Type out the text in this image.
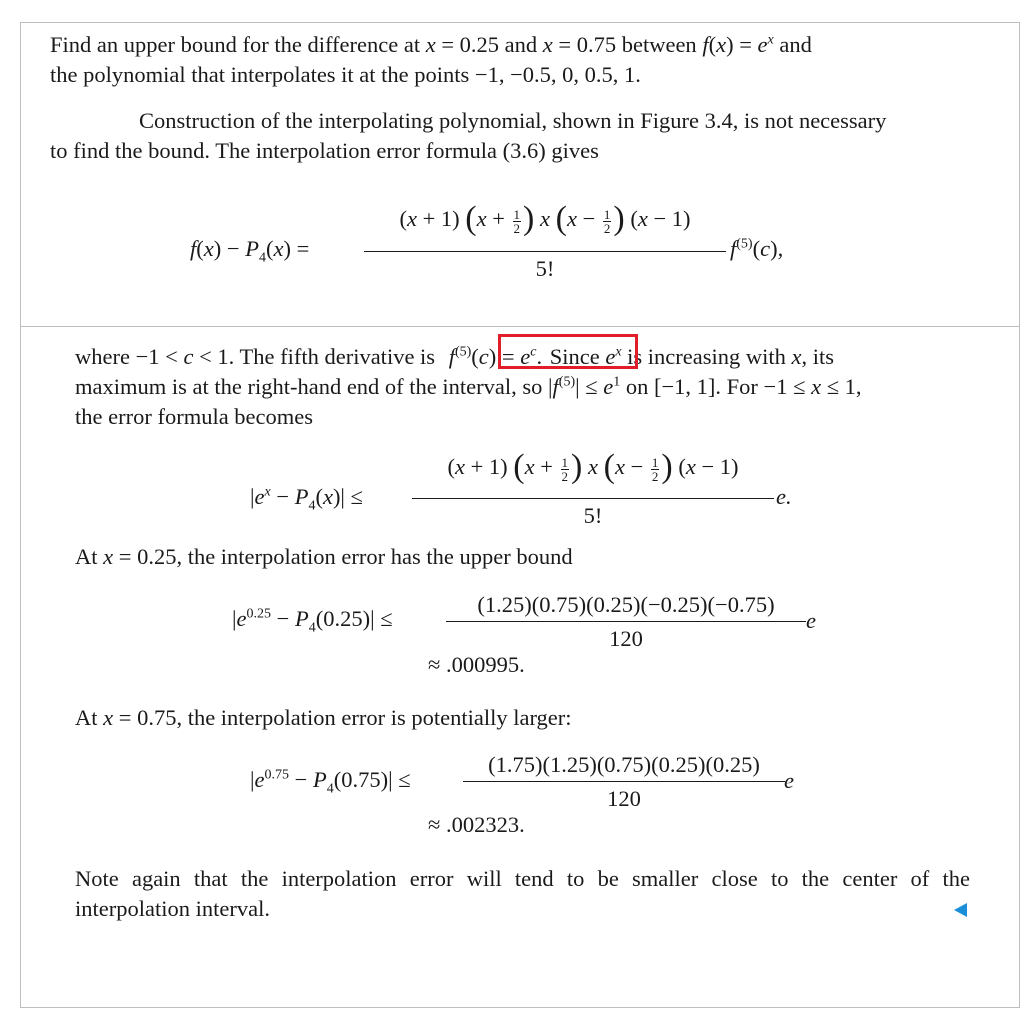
Find an upper bound for the difference at x = 0.25 and x = 0.75 between $f(x) = e^x$ and
the polynomial that interpolates it at the points −1, −0.5, 0, 0.5, 1.
Construction of the interpolating polynomial, shown in Figure 3.4, is not necessary
to find the bound. The interpolation error formula (3.6) gives
$f(x) - P_4(x)$ =
(x + 1) ($x + \frac{1}{2}$ ) x ($x - \frac{1}{2}$ ) (x − 1)
5!
$f^{(5)}(c)$,
where −1 < c < 1. The fifth derivative is $f^{(5)}(c) = e^c$. Since $e^x$ is increasing with x, its
maximum is at the right-hand end of the interval, so $|f^{(5)}| \le e^1$ on [−1, 1]. For −1 ≤ x ≤ 1,
the error formula becomes
$|e^x - P_4(x)|$ ≤
(x + 1) ($x + \frac{1}{2}$ ) x ($x - \frac{1}{2}$ ) (x − 1)
5!
e.
At x = 0.25, the interpolation error has the upper bound
$|e^{0.25} - P_4(0.25)|$ ≤
(1.25)(0.75)(0.25)(−0.25)(−0.75)
120
e
≈ .000995.
At x = 0.75, the interpolation error is potentially larger:
$|e^{0.75} - P_4(0.75)|$ ≤
(1.75)(1.25)(0.75)(0.25)(0.25)
120
e
≈ .002323.
Note again that the interpolation error will tend to be smaller close to the center of the
interpolation interval.
